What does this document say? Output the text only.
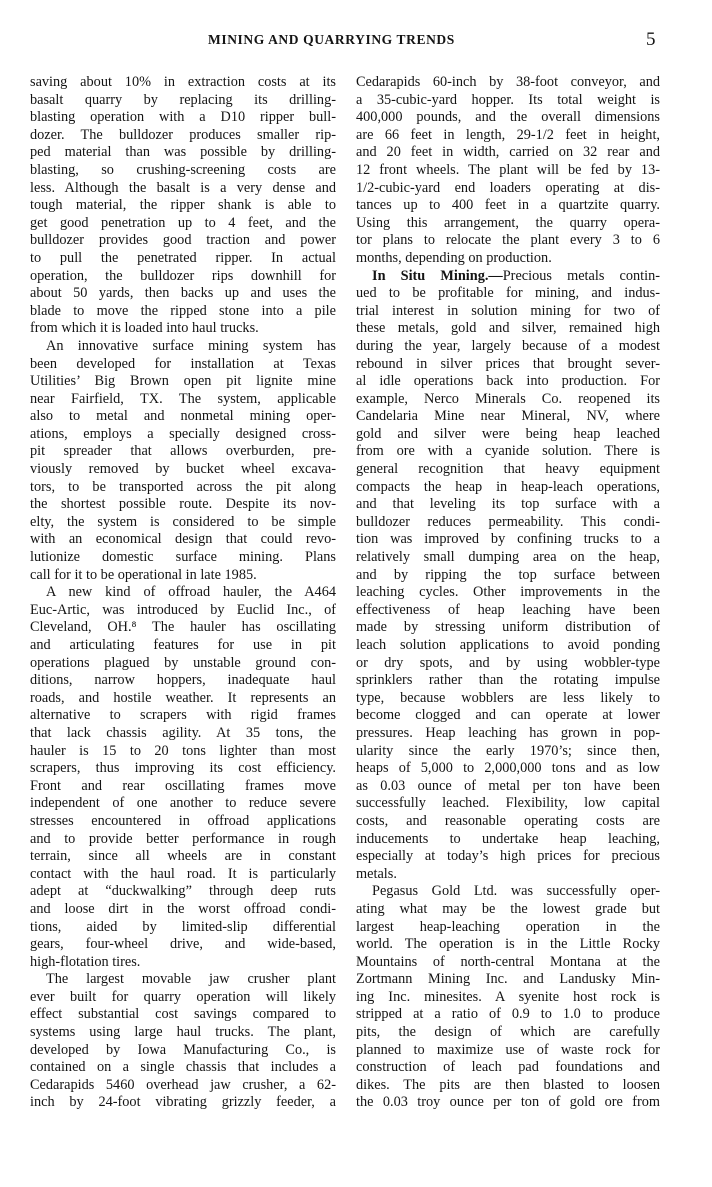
MINING AND QUARRYING TRENDS	5
saving about 10% in extraction costs at its
basalt quarry by replacing its drilling-
blasting operation with a D10 ripper bull-
dozer. The bulldozer produces smaller rip-
ped material than was possible by drilling-
blasting, so crushing-screening costs are
less. Although the basalt is a very dense and
tough material, the ripper shank is able to
get good penetration up to 4 feet, and the
bulldozer provides good traction and power
to pull the penetrated ripper. In actual
operation, the bulldozer rips downhill for
about 50 yards, then backs up and uses the
blade to move the ripped stone into a pile
from which it is loaded into haul trucks.
An innovative surface mining system has
been developed for installation at Texas
Utilities’ Big Brown open pit lignite mine
near Fairfield, TX. The system, applicable
also to metal and nonmetal mining oper-
ations, employs a specially designed cross-
pit spreader that allows overburden, pre-
viously removed by bucket wheel excava-
tors, to be transported across the pit along
the shortest possible route. Despite its nov-
elty, the system is considered to be simple
with an economical design that could revo-
lutionize domestic surface mining. Plans
call for it to be operational in late 1985.
A new kind of offroad hauler, the A464
Euc-Artic, was introduced by Euclid Inc., of
Cleveland, OH.⁸ The hauler has oscillating
and articulating features for use in pit
operations plagued by unstable ground con-
ditions, narrow hoppers, inadequate haul
roads, and hostile weather. It represents an
alternative to scrapers with rigid frames
that lack chassis agility. At 35 tons, the
hauler is 15 to 20 tons lighter than most
scrapers, thus improving its cost efficiency.
Front and rear oscillating frames move
independent of one another to reduce severe
stresses encountered in offroad applications
and to provide better performance in rough
terrain, since all wheels are in constant
contact with the haul road. It is particularly
adept at “duckwalking” through deep ruts
and loose dirt in the worst offroad condi-
tions, aided by limited-slip differential
gears, four-wheel drive, and wide-based,
high-flotation tires.
The largest movable jaw crusher plant
ever built for quarry operation will likely
effect substantial cost savings compared to
systems using large haul trucks. The plant,
developed by Iowa Manufacturing Co., is
contained on a single chassis that includes a
Cedarapids 5460 overhead jaw crusher, a 62-
inch by 24-foot vibrating grizzly feeder, a
Cedarapids 60-inch by 38-foot conveyor, and
a 35-cubic-yard hopper. Its total weight is
400,000 pounds, and the overall dimensions
are 66 feet in length, 29-1/2 feet in height,
and 20 feet in width, carried on 32 rear and
12 front wheels. The plant will be fed by 13-
1/2-cubic-yard end loaders operating at dis-
tances up to 400 feet in a quartzite quarry.
Using this arrangement, the quarry opera-
tor plans to relocate the plant every 3 to 6
months, depending on production.
In Situ Mining.—Precious metals contin-
ued to be profitable for mining, and indus-
trial interest in solution mining for two of
these metals, gold and silver, remained high
during the year, largely because of a modest
rebound in silver prices that brought sever-
al idle operations back into production. For
example, Nerco Minerals Co. reopened its
Candelaria Mine near Mineral, NV, where
gold and silver were being heap leached
from ore with a cyanide solution. There is
general recognition that heavy equipment
compacts the heap in heap-leach operations,
and that leveling its top surface with a
bulldozer reduces permeability. This condi-
tion was improved by confining trucks to a
relatively small dumping area on the heap,
and by ripping the top surface between
leaching cycles. Other improvements in the
effectiveness of heap leaching have been
made by stressing uniform distribution of
leach solution applications to avoid ponding
or dry spots, and by using wobbler-type
sprinklers rather than the rotating impulse
type, because wobblers are less likely to
become clogged and can operate at lower
pressures. Heap leaching has grown in pop-
ularity since the early 1970’s; since then,
heaps of 5,000 to 2,000,000 tons and as low
as 0.03 ounce of metal per ton have been
successfully leached. Flexibility, low capital
costs, and reasonable operating costs are
inducements to undertake heap leaching,
especially at today’s high prices for precious
metals.
Pegasus Gold Ltd. was successfully oper-
ating what may be the lowest grade but
largest heap-leaching operation in the
world. The operation is in the Little Rocky
Mountains of north-central Montana at the
Zortmann Mining Inc. and Landusky Min-
ing Inc. minesites. A syenite host rock is
stripped at a ratio of 0.9 to 1.0 to produce
pits, the design of which are carefully
planned to maximize use of waste rock for
construction of leach pad foundations and
dikes. The pits are then blasted to loosen
the 0.03 troy ounce per ton of gold ore from
